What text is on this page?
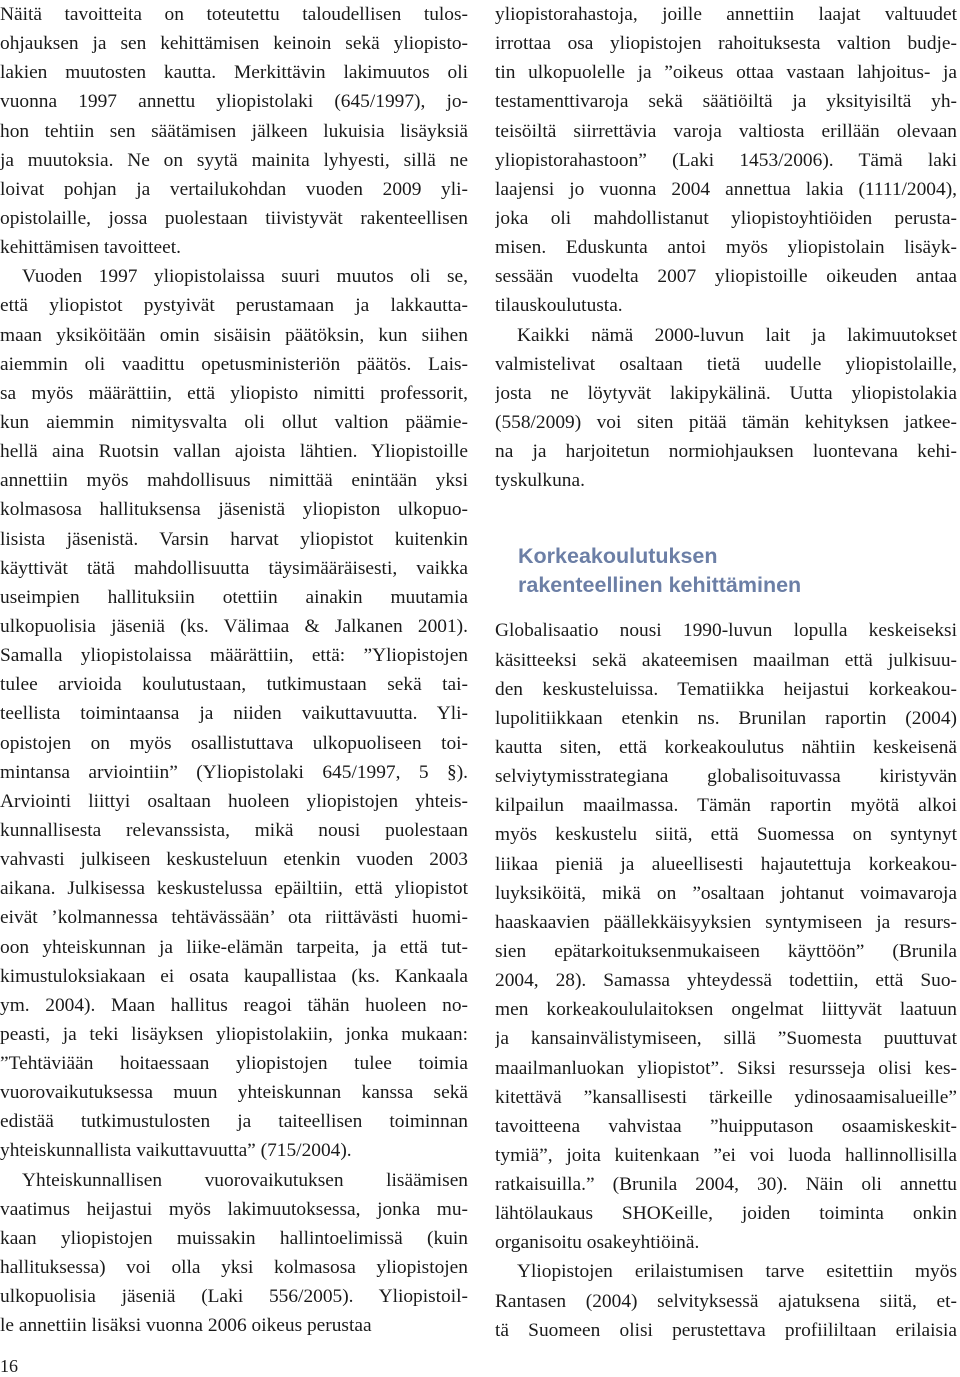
Näitä tavoitteita on toteutettu taloudellisen tulos-
ohjauksen ja sen kehittämisen keinoin sekä yliopisto-
lakien muutosten kautta. Merkittävin lakimuutos oli
vuonna 1997 annettu yliopistolaki (645/1997), jo-
hon tehtiin sen säätämisen jälkeen lukuisia lisäyksiä
ja muutoksia. Ne on syytä mainita lyhyesti, sillä ne
loivat pohjan ja vertailukohdan vuoden 2009 yli-
opistolaille, jossa puolestaan tiivistyvät rakenteellisen
kehittämisen tavoitteet.
Vuoden 1997 yliopistolaissa suuri muutos oli se,
että yliopistot pystyivät perustamaan ja lakkautta-
maan yksiköitään omin sisäisin päätöksin, kun siihen
aiemmin oli vaadittu opetusministeriön päätös. Lais-
sa myös määrättiin, että yliopisto nimitti professorit,
kun aiemmin nimitysvalta oli ollut valtion päämie-
hellä aina Ruotsin vallan ajoista lähtien. Yliopistoille
annettiin myös mahdollisuus nimittää enintään yksi
kolmasosa hallituksensa jäsenistä yliopiston ulkopuo-
lisista jäsenistä. Varsin harvat yliopistot kuitenkin
käyttivät tätä mahdollisuutta täysimääräisesti, vaikka
useimpien hallituksiin otettiin ainakin muutamia
ulkopuolisia jäseniä (ks. Välimaa & Jalkanen 2001).
Samalla yliopistolaissa määrättiin, että: ”Yliopistojen
tulee arvioida koulutustaan, tutkimustaan sekä tai-
teellista toimintaansa ja niiden vaikuttavuutta. Yli-
opistojen on myös osallistuttava ulkopuoliseen toi-
mintansa arviointiin” (Yliopistolaki 645/1997, 5 §).
Arviointi liittyi osaltaan huoleen yliopistojen yhteis-
kunnallisesta relevanssista, mikä nousi puolestaan
vahvasti julkiseen keskusteluun etenkin vuoden 2003
aikana. Julkisessa keskustelussa epäiltiin, että yliopistot
eivät ’kolmannessa tehtävässään’ ota riittävästi huomi-
oon yhteiskunnan ja liike-elämän tarpeita, ja että tut-
kimustuloksiakaan ei osata kaupallistaa (ks. Kankaala
ym. 2004). Maan hallitus reagoi tähän huoleen no-
peasti, ja teki lisäyksen yliopistolakiin, jonka mukaan:
”Tehtäviään hoitaessaan yliopistojen tulee toimia
vuorovaikutuksessa muun yhteiskunnan kanssa sekä
edistää tutkimustulosten ja taiteellisen toiminnan
yhteiskunnallista vaikuttavuutta” (715/2004).
Yhteiskunnallisen vuorovaikutuksen lisäämisen
vaatimus heijastui myös lakimuutoksessa, jonka mu-
kaan yliopistojen muissakin hallintoelimissä (kuin
hallituksessa) voi olla yksi kolmasosa yliopistojen
ulkopuolisia jäseniä (Laki 556/2005). Yliopistoil-
le annettiin lisäksi vuonna 2006 oikeus perustaa
yliopistorahastoja, joille annettiin laajat valtuudet
irrottaa osa yliopistojen rahoituksesta valtion budje-
tin ulkopuolelle ja ”oikeus ottaa vastaan lahjoitus- ja
testamenttivaroja sekä säätiöiltä ja yksityisiltä yh-
teisöiltä siirrettävia varoja valtiosta erillään olevaan
yliopistorahastoon” (Laki 1453/2006). Tämä laki
laajensi jo vuonna 2004 annettua lakia (1111/2004),
joka oli mahdollistanut yliopistoyhtiöiden perusta-
misen. Eduskunta antoi myös yliopistolain lisäyk-
sessään vuodelta 2007 yliopistoille oikeuden antaa
tilauskoulutusta.
Kaikki nämä 2000-luvun lait ja lakimuutokset
valmistelivat osaltaan tietä uudelle yliopistolaille,
josta ne löytyvät lakipykälinä. Uutta yliopistolakia
(558/2009) voi siten pitää tämän kehityksen jatkee-
na ja harjoitetun normiohjauksen luontevana kehi-
tyskulkuna.
Korkeakoulutuksen
rakenteellinen kehittäminen
Globalisaatio nousi 1990-luvun lopulla keskeiseksi
käsitteeksi sekä akateemisen maailman että julkisuu-
den keskusteluissa. Tematiikka heijastui korkeakou-
lupolitiikkaan etenkin ns. Brunilan raportin (2004)
kautta siten, että korkeakoulutus nähtiin keskeisenä
selviytymisstrategiana globalisoituvassa kiristyvän
kilpailun maailmassa. Tämän raportin myötä alkoi
myös keskustelu siitä, että Suomessa on syntynyt
liikaa pieniä ja alueellisesti hajautettuja korkeakou-
luyksiköitä, mikä on ”osaltaan johtanut voimavaroja
haaskaavien päällekkäisyyksien syntymiseen ja resurs-
sien epätarkoituksenmukaiseen käyttöön” (Brunila
2004, 28). Samassa yhteydessä todettiin, että Suo-
men korkeakoululaitoksen ongelmat liittyvät laatuun
ja kansainvälistymiseen, sillä ”Suomesta puuttuvat
maailmanluokan yliopistot”. Siksi resursseja olisi kes-
kitettävä ”kansallisesti tärkeille ydinosaamisalueille”
tavoitteena vahvistaa ”huipputason osaamiskeskit-
tymiä”, joita kuitenkaan ”ei voi luoda hallinnollisilla
ratkaisuilla.” (Brunila 2004, 30). Näin oli annettu
lähtölaukaus SHOKeille, joiden toiminta onkin
organisoitu osakeyhtiöinä.
Yliopistojen erilaistumisen tarve esitettiin myös
Rantasen (2004) selvityksessä ajatuksena siitä, et-
tä Suomeen olisi perustettava profiililtaan erilaisia
16
